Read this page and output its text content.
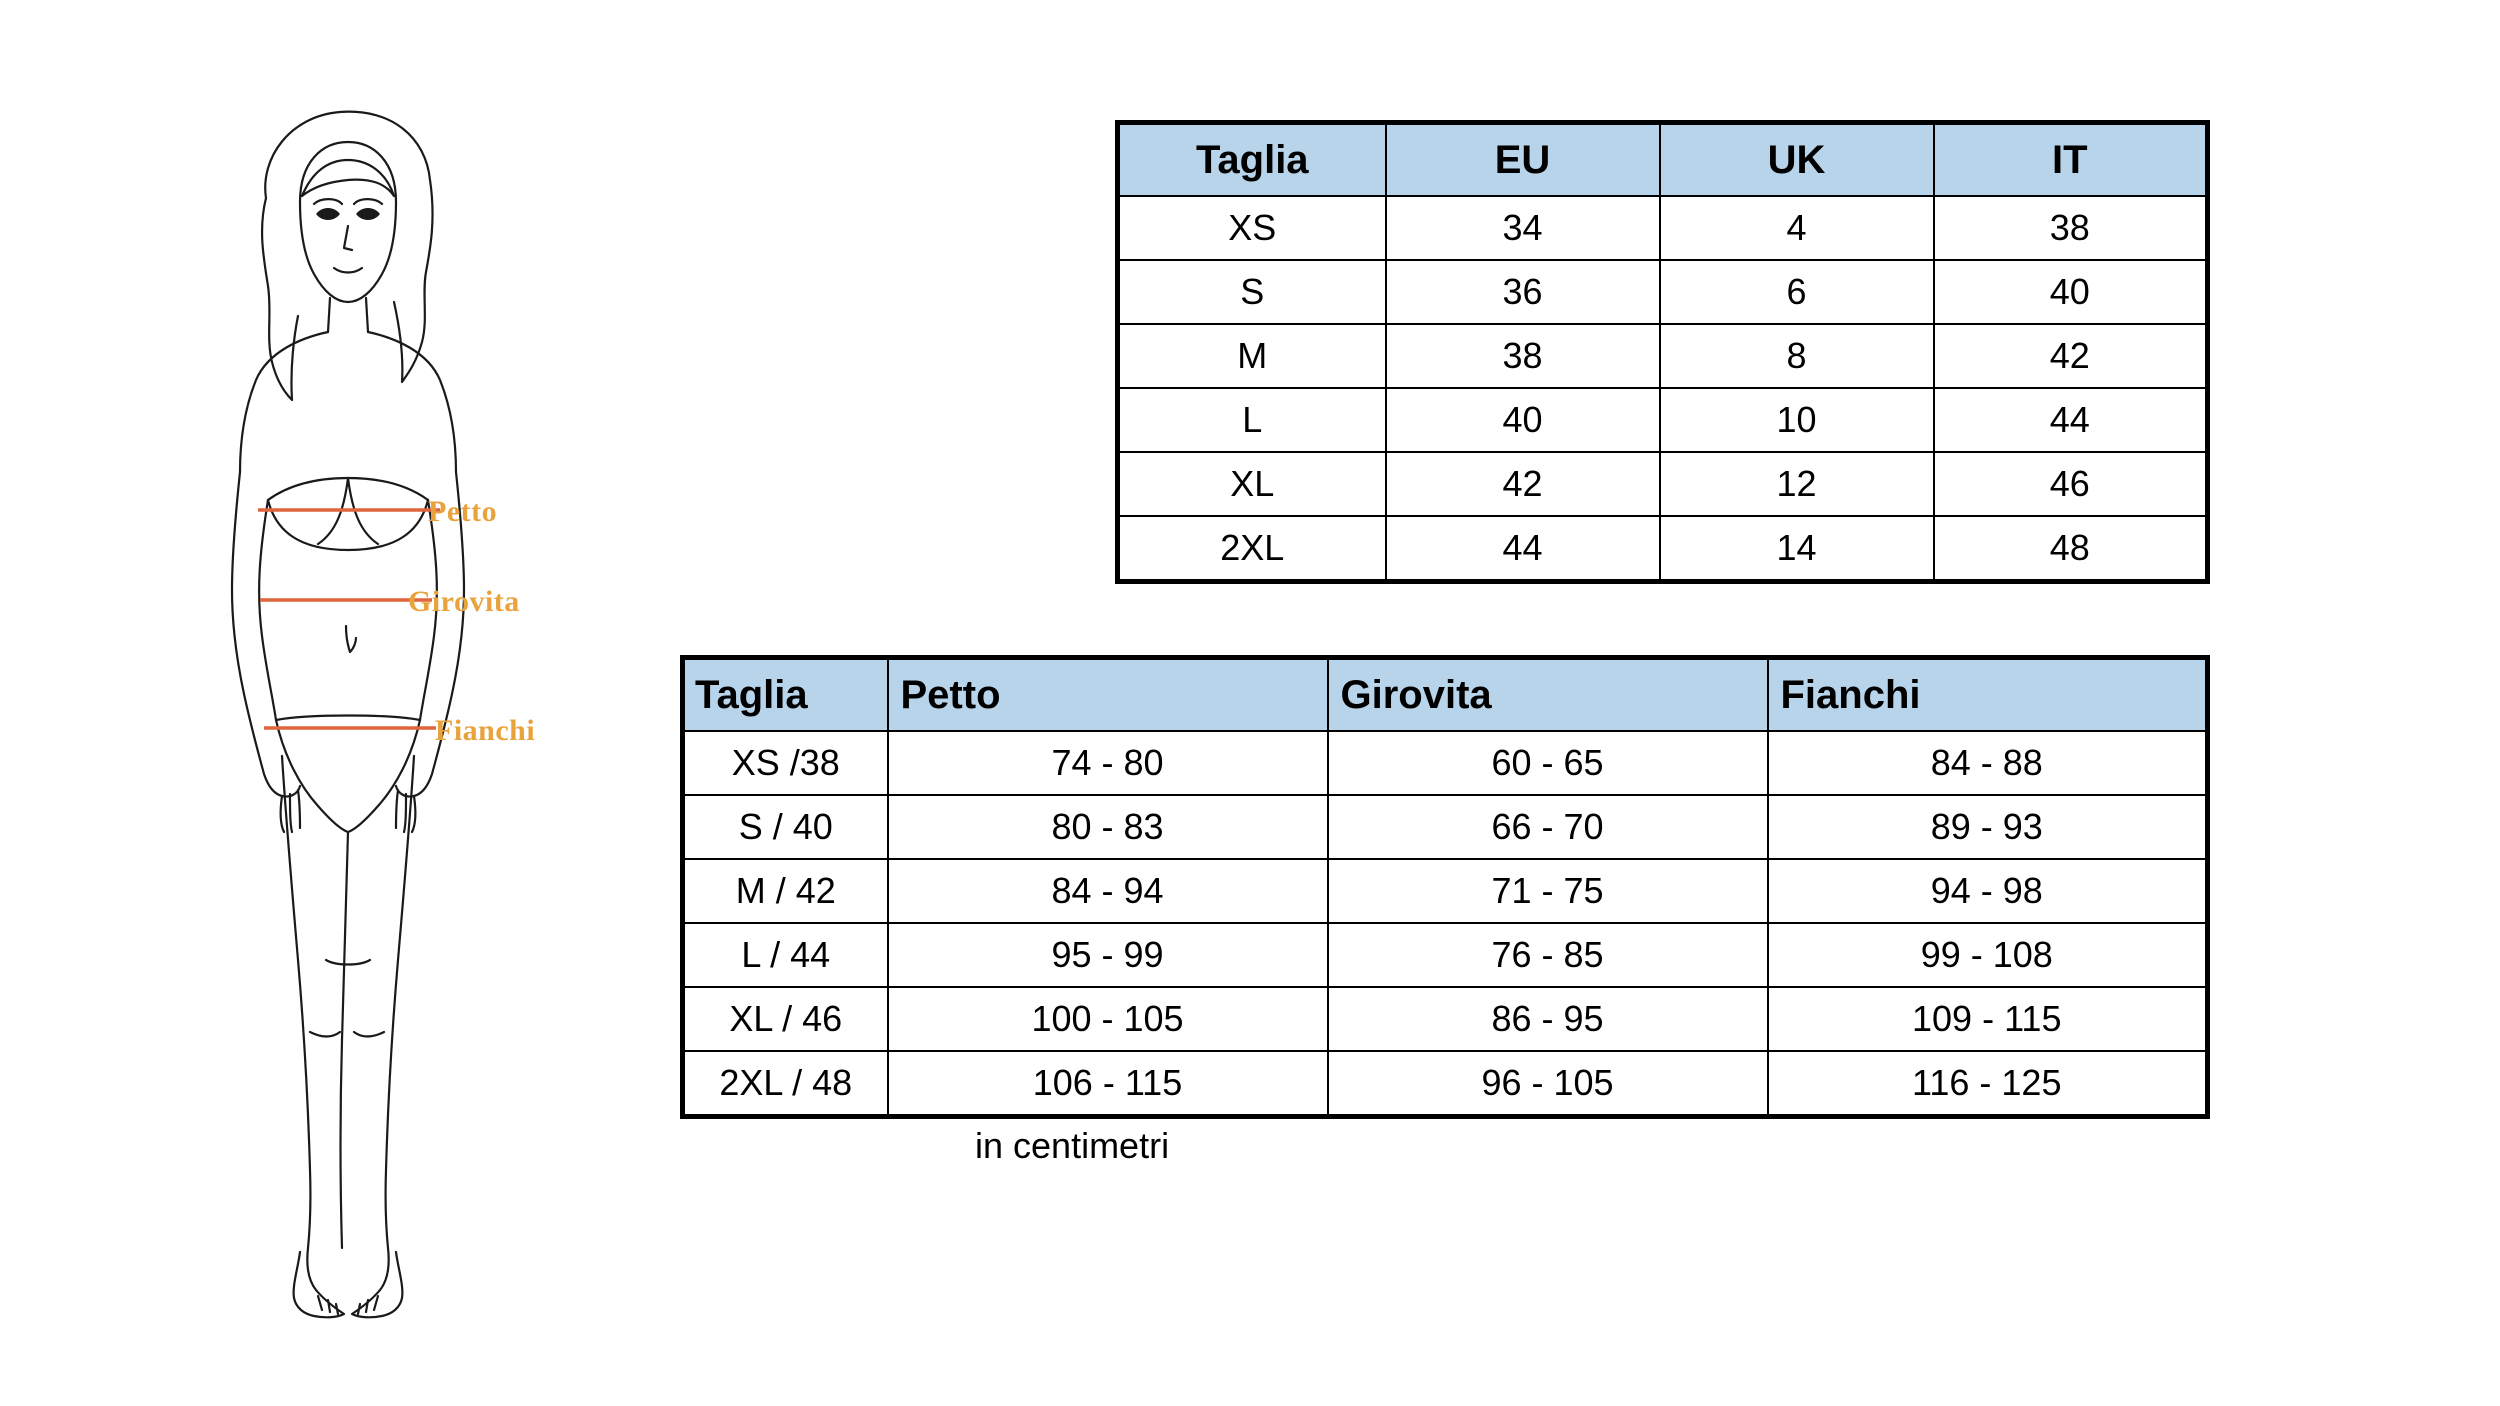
Petto
Girovita
Fianchi
Taglia	EU	UK	IT
XS	34	4	38
S	36	6	40
M	38	8	42
L	40	10	44
XL	42	12	46
2XL	44	14	48
Taglia	Petto	Girovita	Fianchi
XS /38	74 - 80	60 - 65	84 - 88
S / 40	80 - 83	66 - 70	89 - 93
M / 42	84 - 94	71 - 75	94 - 98
L / 44	95 - 99	76 - 85	99 - 108
XL / 46	100 - 105	86 - 95	109 - 115
2XL / 48	106 - 115	96 - 105	116 - 125
in centimetri
